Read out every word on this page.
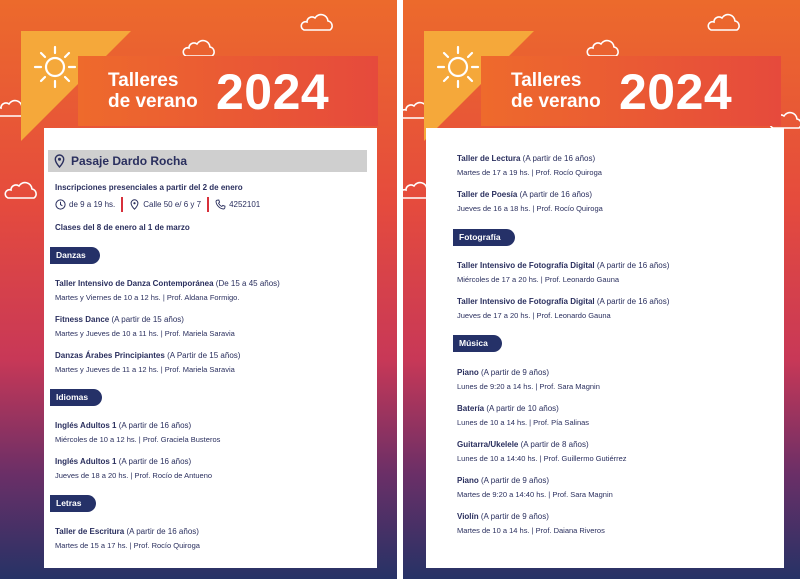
Talleres
de verano 2024
Pasaje Dardo Rocha
Inscripciones presenciales a partir del 2 de enero
de 9 a 19 hs.	Calle 50 e/ 6 y 7	4252101
Clases del 8 de enero al 1 de marzo
Danzas
Taller Intensivo de Danza Contemporánea (De 15 a 45 años)
Martes y Viernes de 10 a 12 hs. | Prof. Aldana Formigo.
Fitness Dance (A partir de 15 años)
Martes y Jueves de 10 a 11 hs. | Prof. Mariela Saravia
Danzas Árabes Principiantes (A Partir de 15 años)
Martes y Jueves de 11 a 12 hs. | Prof. Mariela Saravia
Idiomas
Inglés Adultos 1 (A partir de 16 años)
Miércoles de 10 a 12 hs. | Prof. Graciela Busteros
Inglés Adultos 1 (A partir de 16 años)
Jueves de 18 a 20 hs. | Prof. Rocío de Antueno
Letras
Taller de Escritura (A partir de 16 años)
Martes de 15 a 17 hs. | Prof. Rocío Quiroga
Talleres
de verano 2024
Taller de Lectura (A partir de 16 años)
Martes de 17 a 19 hs. | Prof. Rocío Quiroga
Taller de Poesía (A partir de 16 años)
Jueves de 16 a 18 hs. | Prof. Rocío Quiroga
Fotografía
Taller Intensivo de Fotografía Digital (A partir de 16 años)
Miércoles de 17 a 20 hs. | Prof. Leonardo Gauna
Taller Intensivo de Fotografía Digital (A partir de 16 años)
Jueves de 17 a 20 hs. | Prof. Leonardo Gauna
Música
Piano (A partir de 9 años)
Lunes de 9:20 a 14 hs. | Prof. Sara Magnin
Batería (A partir de 10 años)
Lunes de 10 a 14 hs. | Prof. Pía Salinas
Guitarra/Ukelele (A partir de 8 años)
Lunes de 10 a 14:40 hs. | Prof. Guillermo Gutiérrez
Piano (A partir de 9 años)
Martes de 9:20 a 14:40 hs. | Prof. Sara Magnin
Violín (A partir de 9 años)
Martes de 10 a 14 hs. | Prof. Daiana Riveros
